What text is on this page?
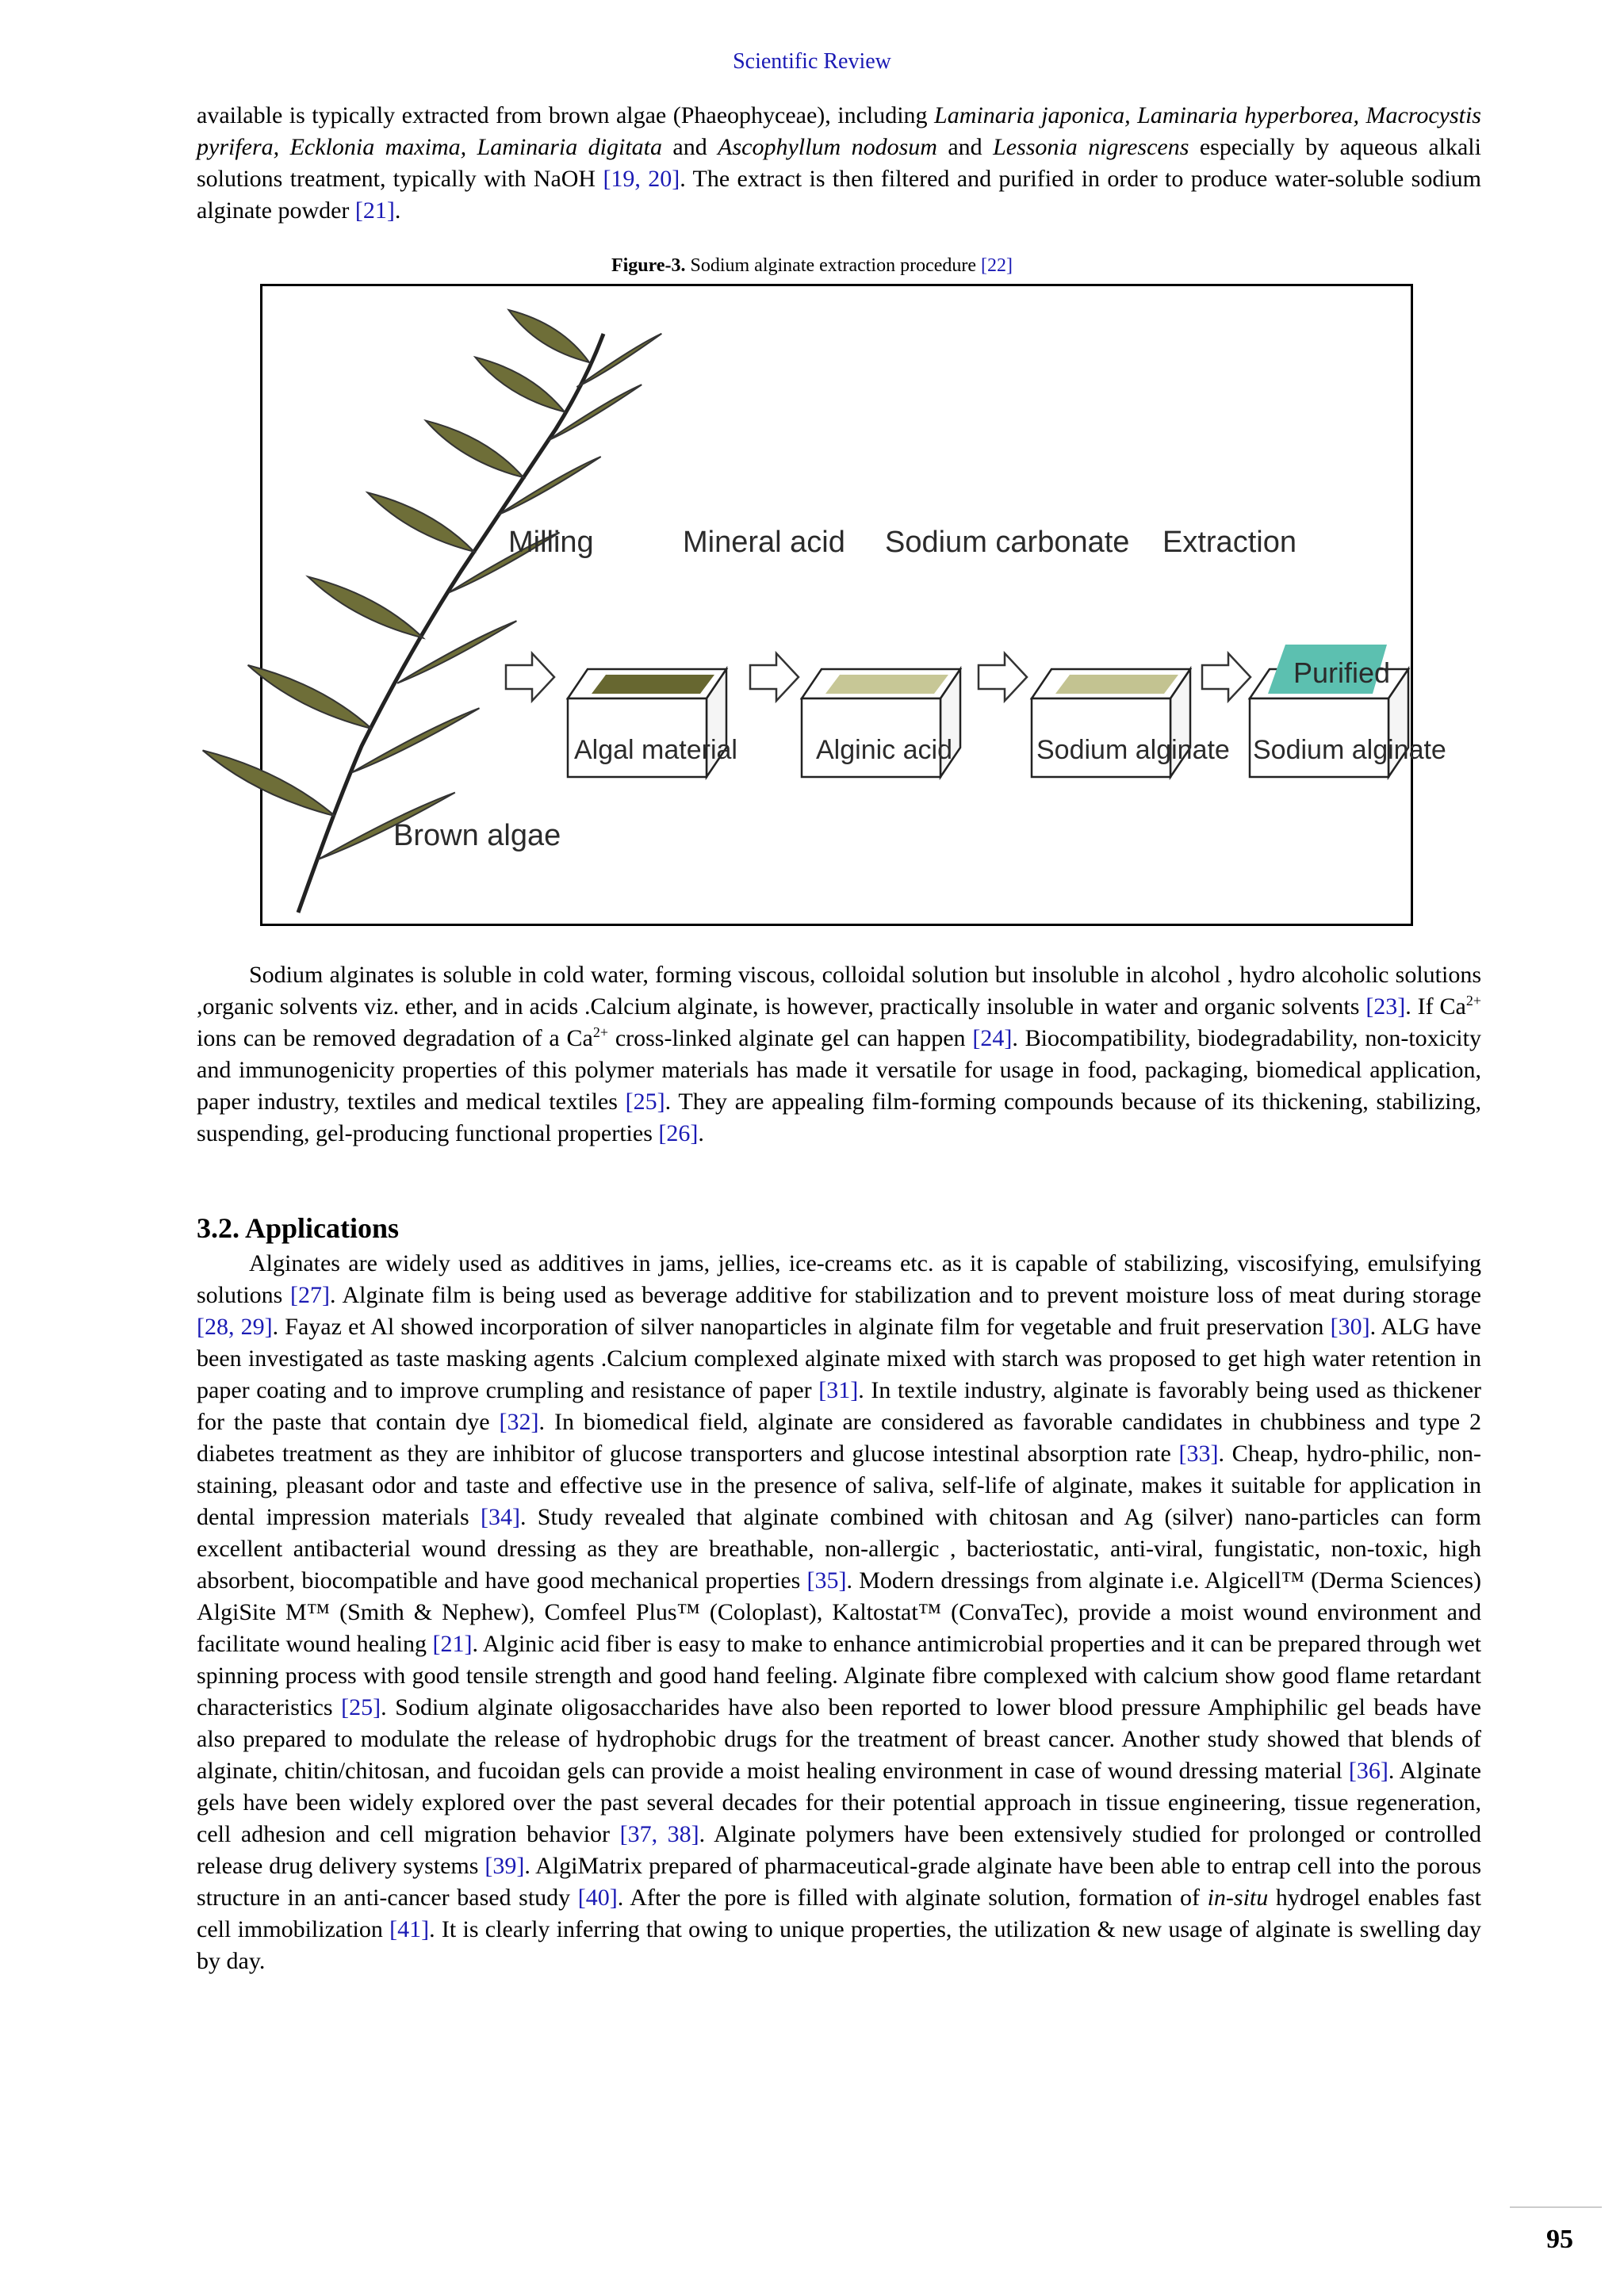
Scientific Review

available is typically extracted from brown algae (Phaeophyceae), including Laminaria japonica, Laminaria hyperborea, Macrocystis pyrifera, Ecklonia maxima, Laminaria digitata and Ascophyllum nodosum and Lessonia nigrescens especially by aqueous alkali solutions treatment, typically with NaOH [19, 20]. The extract is then filtered and purified in order to produce water-soluble sodium alginate powder [21].

Figure-3. Sodium alginate extraction procedure [22]
Milling	Mineral acid Sodium carbonate Extraction
Algal material	Alginic acid	Sodium alginate
Purified
Sodium alginate
Brown algae

Sodium alginates is soluble in cold water, forming viscous, colloidal solution but insoluble in alcohol , hydro alcoholic solutions ,organic solvents viz. ether, and in acids .Calcium alginate, is however, practically insoluble in water and organic solvents [23]. If $Ca^{2+}$ ions can be removed degradation of a $Ca^{2+}$ cross-linked alginate gel can happen [24]. Biocompatibility, biodegradability, non-toxicity and immunogenicity properties of this polymer materials has made it versatile for usage in food, packaging, biomedical application, paper industry, textiles and medical textiles [25]. They are appealing film-forming compounds because of its thickening, stabilizing, suspending, gel-producing functional properties [26].

3.2. Applications

Alginates are widely used as additives in jams, jellies, ice-creams etc. as it is capable of stabilizing, viscosifying, emulsifying solutions [27]. Alginate film is being used as beverage additive for stabilization and to prevent moisture loss of meat during storage [28, 29]. Fayaz et Al showed incorporation of silver nanoparticles in alginate film for vegetable and fruit preservation [30]. ALG have been investigated as taste masking agents .Calcium complexed alginate mixed with starch was proposed to get high water retention in paper coating and to improve crumpling and resistance of paper [31]. In textile industry, alginate is favorably being used as thickener for the paste that contain dye [32]. In biomedical field, alginate are considered as favorable candidates in chubbiness and type 2 diabetes treatment as they are inhibitor of glucose transporters and glucose intestinal absorption rate [33]. Cheap, hydro-philic, non-staining, pleasant odor and taste and effective use in the presence of saliva, self-life of alginate, makes it suitable for application in dental impression materials [34]. Study revealed that alginate combined with chitosan and Ag (silver) nano-particles can form excellent antibacterial wound dressing as they are breathable, non-allergic , bacteriostatic, anti-viral, fungistatic, non-toxic, high absorbent, biocompatible and have good mechanical properties [35]. Modern dressings from alginate i.e. Algicell™ (Derma Sciences) AlgiSite M™ (Smith & Nephew), Comfeel Plus™ (Coloplast), Kaltostat™ (ConvaTec), provide a moist wound environment and facilitate wound healing [21]. Alginic acid fiber is easy to make to enhance antimicrobial properties and it can be prepared through wet spinning process with good tensile strength and good hand feeling. Alginate fibre complexed with calcium show good flame retardant characteristics [25]. Sodium alginate oligosaccharides have also been reported to lower blood pressure Amphiphilic gel beads have also prepared to modulate the release of hydrophobic drugs for the treatment of breast cancer. Another study showed that blends of alginate, chitin/chitosan, and fucoidan gels can provide a moist healing environment in case of wound dressing material [36]. Alginate gels have been widely explored over the past several decades for their potential approach in tissue engineering, tissue regeneration, cell adhesion and cell migration behavior [37, 38]. Alginate polymers have been extensively studied for prolonged or controlled release drug delivery systems [39]. AlgiMatrix prepared of pharmaceutical-grade alginate have been able to entrap cell into the porous structure in an anti-cancer based study [40]. After the pore is filled with alginate solution, formation of in-situ hydrogel enables fast cell immobilization [41]. It is clearly inferring that owing to unique properties, the utilization & new usage of alginate is swelling day by day.

95
